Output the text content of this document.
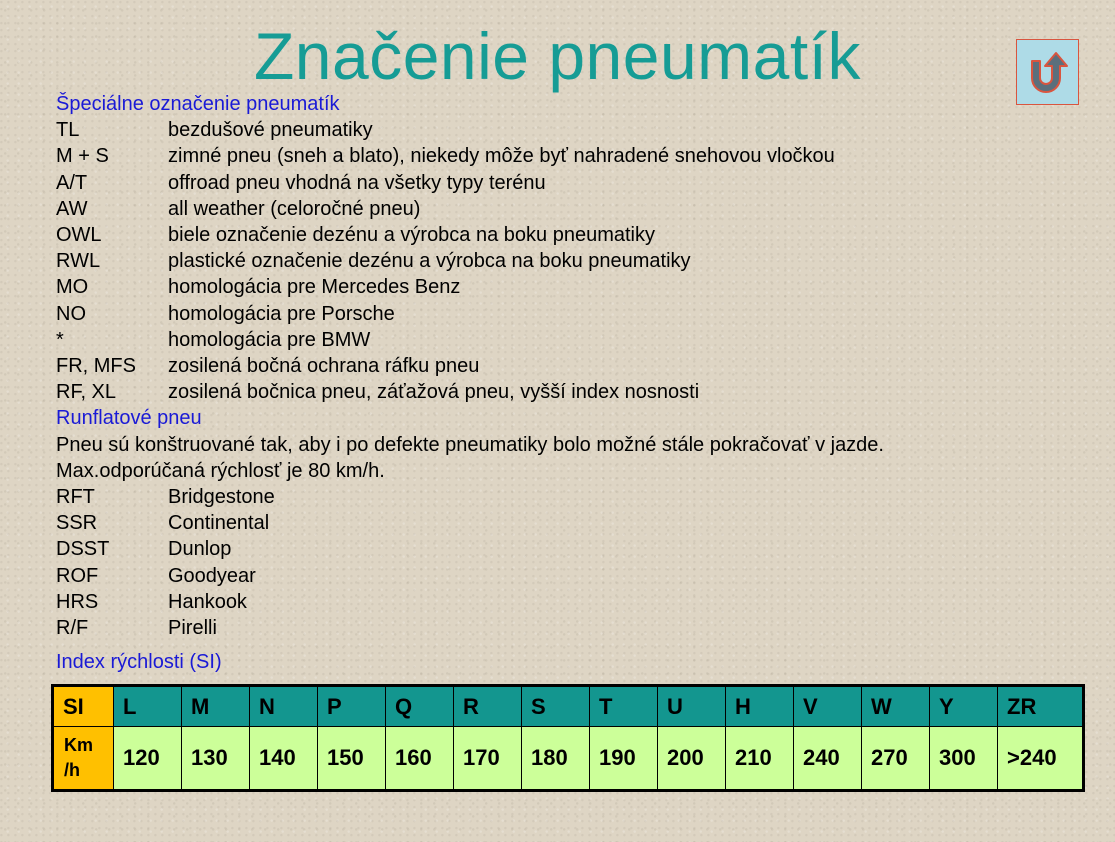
Značenie pneumatík
Špeciálne označenie pneumatík
TL	bezdušové pneumatiky
M + S	zimné pneu (sneh a blato), niekedy môže byť nahradené snehovou vločkou
A/T	offroad pneu vhodná na všetky typy terénu
AW	all weather (celoročné pneu)
OWL	biele označenie dezénu a výrobca na boku pneumatiky
RWL	plastické označenie dezénu a výrobca na boku pneumatiky
MO	homologácia pre Mercedes Benz
NO	homologácia pre Porsche
*	homologácia pre BMW
FR, MFS zosilená bočná ochrana ráfku pneu
RF, XL	zosilená bočnica pneu, záťažová pneu, vyšší index nosnosti
Runflatové pneu
Pneu sú konštruované tak, aby i po defekte pneumatiky bolo možné stále pokračovať v jazde.
Max.odporúčaná rýchlosť je 80 km/h.
RFT	Bridgestone
SSR	Continental
DSST	Dunlop
ROF	Goodyear
HRS	Hankook
R/F	Pirelli
Index rýchlosti (SI)
SI	L	M	N	P	Q	R	S	T	U	H	V	W	Y	ZR
Km
/h	120	130	140	150	160	170	180	190	200	210	240	270	300	>240
